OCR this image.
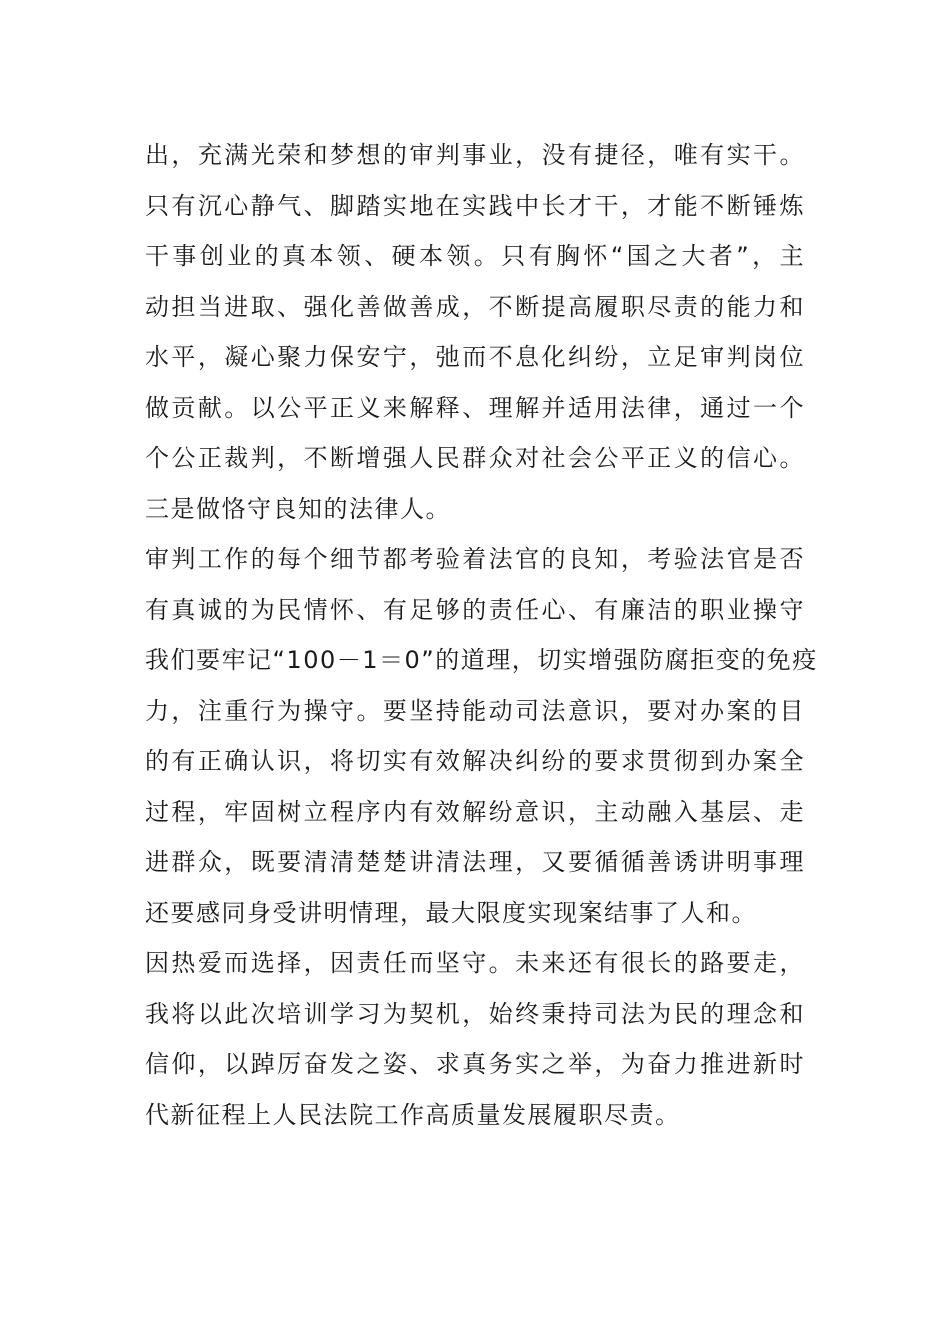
出，充满光荣和梦想的审判事业，没有捷径，唯有实干。
只有沉心静气、脚踏实地在实践中长才干，才能不断锤炼
干事创业的真本领、硬本领。只有胸怀“国之大者”，主
动担当进取、强化善做善成，不断提高履职尽责的能力和
水平，凝心聚力保安宁，弛而不息化纠纷，立足审判岗位
做贡献。以公平正义来解释、理解并适用法律，通过一个
个公正裁判，不断增强人民群众对社会公平正义的信心。
三是做恪守良知的法律人。
审判工作的每个细节都考验着法官的良知，考验法官是否
有真诚的为民情怀、有足够的责任心、有廉洁的职业操守
我们要牢记“100－1＝0”的道理，切实增强防腐拒变的免疫
力，注重行为操守。要坚持能动司法意识，要对办案的目
的有正确认识，将切实有效解决纠纷的要求贯彻到办案全
过程，牢固树立程序内有效解纷意识，主动融入基层、走
进群众，既要清清楚楚讲清法理，又要循循善诱讲明事理
还要感同身受讲明情理，最大限度实现案结事了人和。
因热爱而选择，因责任而坚守。未来还有很长的路要走，
我将以此次培训学习为契机，始终秉持司法为民的理念和
信仰，以踔厉奋发之姿、求真务实之举，为奋力推进新时
代新征程上人民法院工作高质量发展履职尽责。
